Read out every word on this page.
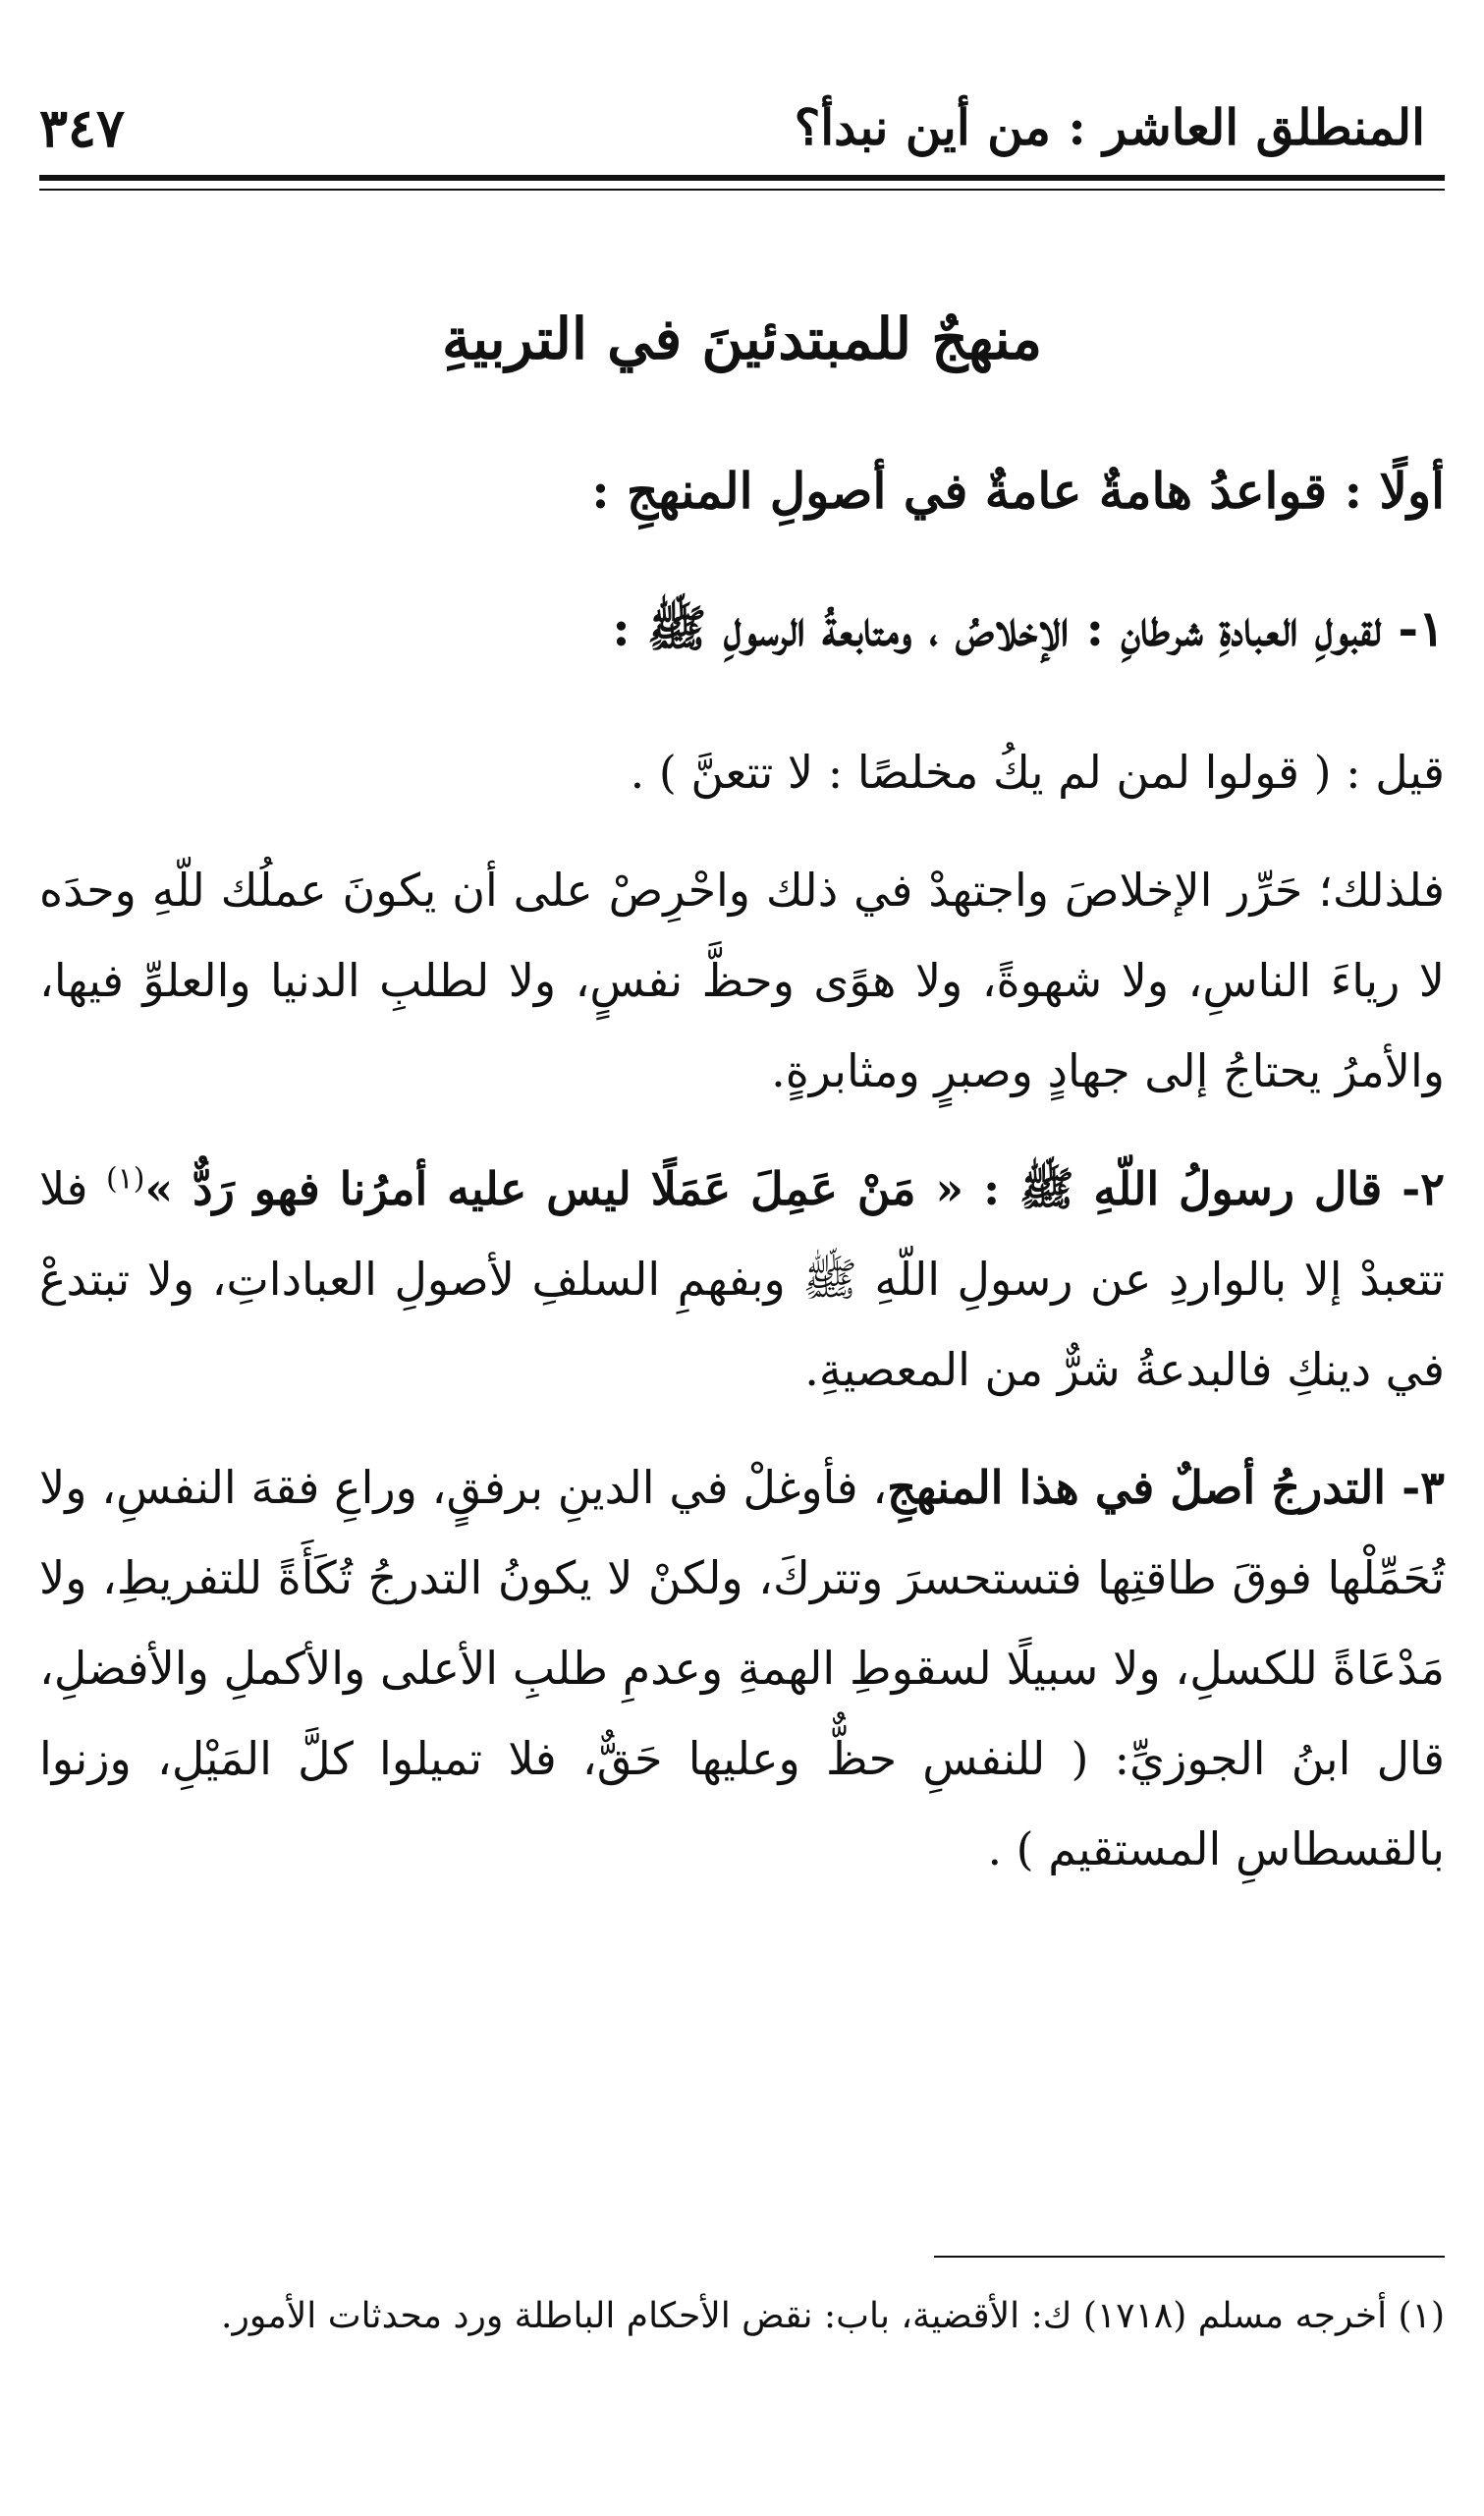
المنطلق العاشر : من أين نبدأ؟
٣٤٧
منهجٌ للمبتدئينَ في التربيةِ
أولًا : قواعدُ هامةٌ عامةٌ في أصولِ المنهجِ :
١- لقبولِ العبادةِ شرطانِ : الإخلاصُ ، ومتابعةُ الرسولِ ﷺ :

قيل : ( قولوا لمن لم يكُ مخلصًا : لا تتعنَّ ) .

فلذلك؛ حَرِّر الإخلاصَ واجتهدْ في ذلك واحْرِصْ على أن يكونَ عملُك للّهِ وحدَه لا رياءَ الناسِ، ولا شهوةً، ولا هوًى وحظَّ نفسٍ، ولا لطلبِ الدنيا والعلوِّ فيها، والأمرُ يحتاجُ إلى جهادٍ وصبرٍ ومثابرةٍ.

٢- قال رسولُ اللّهِ ﷺ : « مَنْ عَمِلَ عَمَلًا ليس عليه أمرُنا فهو رَدٌّ »$^{(١)}$ فلا تتعبدْ إلا بالواردِ عن رسولِ اللّهِ ﷺ وبفهمِ السلفِ لأصولِ العباداتِ، ولا تبتدعْ في دينكِ فالبدعةُ شرٌّ من المعصيةِ.

٣- التدرجُ أصلٌ في هذا المنهجِ، فأوغلْ في الدينِ برفقٍ، وراعِ فقهَ النفسِ، ولا تُحَمِّلْها فوقَ طاقتِها فتستحسرَ وتتركَ، ولكنْ لا يكونُ التدرجُ تُكَأَةً للتفريطِ، ولا مَدْعَاةً للكسلِ، ولا سبيلًا لسقوطِ الهمةِ وعدمِ طلبِ الأعلى والأكملِ والأفضلِ، قال ابنُ الجوزيِّ: ( للنفسِ حظٌّ وعليها حَقٌّ، فلا تميلوا كلَّ المَيْلِ، وزنوا بالقسطاسِ المستقيم ) .

(١) أخرجه مسلم (١٧١٨) ك: الأقضية، باب: نقض الأحكام الباطلة ورد محدثات الأمور.
